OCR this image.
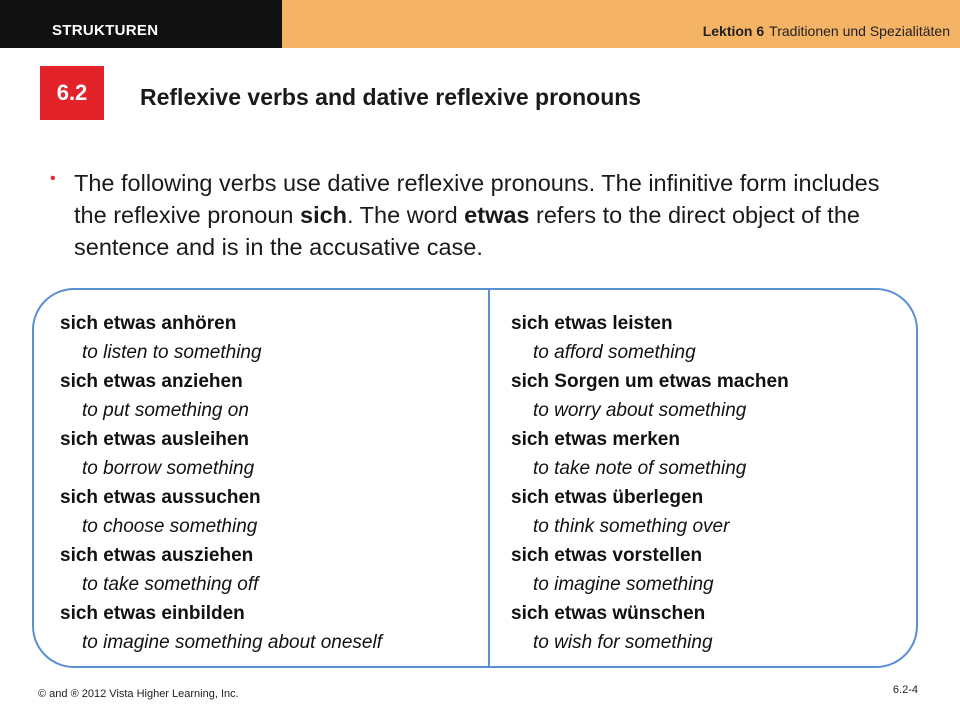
STRUKTUREN	Lektion 6 Traditionen und Spezialitäten
6.2	Reflexive verbs and dative reflexive pronouns
• The following verbs use dative reflexive pronouns. The infinitive form includes the reflexive pronoun sich. The word etwas refers to the direct object of the sentence and is in the accusative case.
sich etwas anhören
to listen to something
sich etwas anziehen
to put something on
sich etwas ausleihen
to borrow something
sich etwas aussuchen
to choose something
sich etwas ausziehen
to take something off
sich etwas einbilden
to imagine something about oneself
sich etwas leisten
to afford something
sich Sorgen um etwas machen
to worry about something
sich etwas merken
to take note of something
sich etwas überlegen
to think something over
sich etwas vorstellen
to imagine something
sich etwas wünschen
to wish for something
© and ® 2012 Vista Higher Learning, Inc.	6.2-4
